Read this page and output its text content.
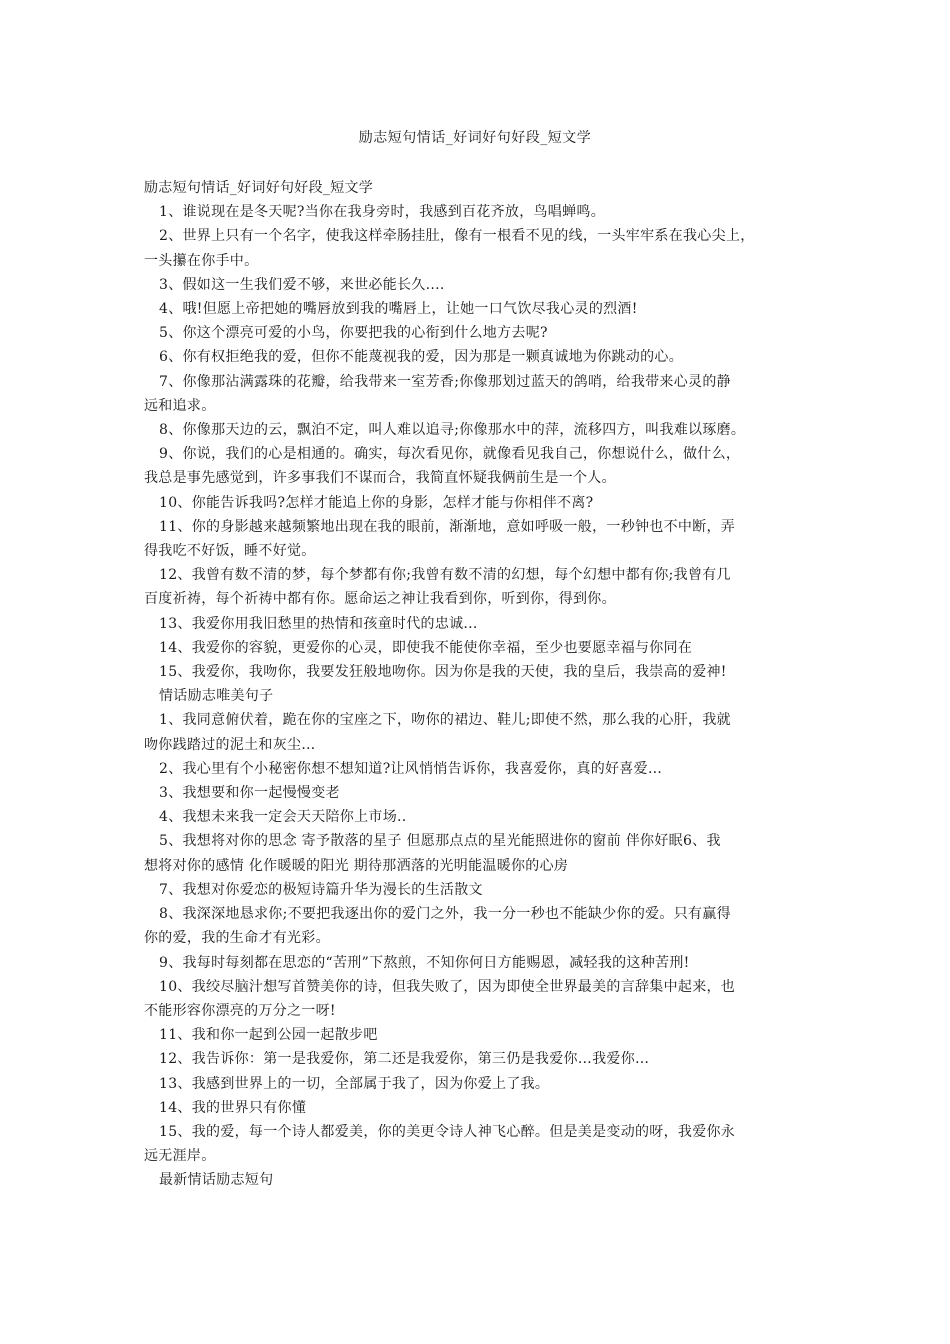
励志短句情话_好词好句好段_短文学
励志短句情话_好词好句好段_短文学
1、谁说现在是冬天呢?当你在我身旁时，我感到百花齐放，鸟唱蝉鸣。
2、世界上只有一个名字，使我这样牵肠挂肚，像有一根看不见的线，一头牢牢系在我心尖上，
一头攥在你手中。
3、假如这一生我们爱不够，来世必能长久....
4、哦!但愿上帝把她的嘴唇放到我的嘴唇上，让她一口气饮尽我心灵的烈酒!
5、你这个漂亮可爱的小鸟，你要把我的心衔到什么地方去呢?
6、你有权拒绝我的爱，但你不能蔑视我的爱，因为那是一颗真诚地为你跳动的心。
7、你像那沾满露珠的花瓣，给我带来一室芳香;你像那划过蓝天的鸽哨，给我带来心灵的静
远和追求。
8、你像那天边的云，飘泊不定，叫人难以追寻;你像那水中的萍，流移四方，叫我难以琢磨。
9、你说，我们的心是相通的。确实，每次看见你，就像看见我自己，你想说什么，做什么，
我总是事先感觉到，许多事我们不谋而合，我简直怀疑我俩前生是一个人。
10、你能告诉我吗?怎样才能追上你的身影，怎样才能与你相伴不离?
11、你的身影越来越频繁地出现在我的眼前，渐渐地，意如呼吸一般，一秒钟也不中断，弄
得我吃不好饭，睡不好觉。
12、我曾有数不清的梦，每个梦都有你;我曾有数不清的幻想，每个幻想中都有你;我曾有几
百度祈祷，每个祈祷中都有你。愿命运之神让我看到你，听到你，得到你。
13、我爱你用我旧愁里的热情和孩童时代的忠诚...
14、我爱你的容貌，更爱你的心灵，即使我不能使你幸福，至少也要愿幸福与你同在
15、我爱你，我吻你，我要发狂般地吻你。因为你是我的天使，我的皇后，我崇高的爱神!
情话励志唯美句子
1、我同意俯伏着，跪在你的宝座之下，吻你的裙边、鞋儿;即使不然，那么我的心肝，我就
吻你践踏过的泥土和灰尘…
2、我心里有个小秘密你想不想知道?让风悄悄告诉你，我喜爱你，真的好喜爱…
3、我想要和你一起慢慢变老
4、我想未来我一定会天天陪你上市场..
5、我想将对你的思念 寄予散落的星子 但愿那点点的星光能照进你的窗前 伴你好眠6、我
想将对你的感情 化作暖暖的阳光 期待那洒落的光明能温暖你的心房
7、我想对你爱恋的极短诗篇升华为漫长的生活散文
8、我深深地恳求你;不要把我逐出你的爱门之外，我一分一秒也不能缺少你的爱。只有赢得
你的爱，我的生命才有光彩。
9、我每时每刻都在思恋的“苦刑”下熬煎，不知你何日方能赐恩，减轻我的这种苦刑!
10、我绞尽脑汁想写首赞美你的诗，但我失败了，因为即使全世界最美的言辞集中起来，也
不能形容你漂亮的万分之一呀!
11、我和你一起到公园一起散步吧
12、我告诉你：第一是我爱你，第二还是我爱你，第三仍是我爱你…我爱你…
13、我感到世界上的一切，全部属于我了，因为你爱上了我。
14、我的世界只有你懂
15、我的爱，每一个诗人都爱美，你的美更令诗人神飞心醉。但是美是变动的呀，我爱你永
远无涯岸。
最新情话励志短句
